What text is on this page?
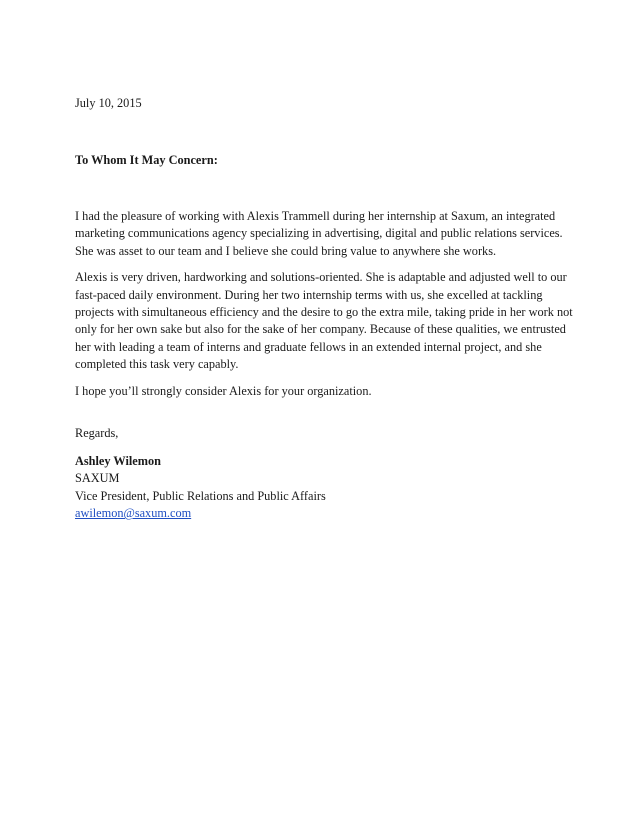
July 10, 2015

To Whom It May Concern:

I had the pleasure of working with Alexis Trammell during her internship at Saxum, an integrated marketing communications agency specializing in advertising, digital and public relations services. She was asset to our team and I believe she could bring value to anywhere she works.

Alexis is very driven, hardworking and solutions-oriented. She is adaptable and adjusted well to our fast-paced daily environment. During her two internship terms with us, she excelled at tackling projects with simultaneous efficiency and the desire to go the extra mile, taking pride in her work not only for her own sake but also for the sake of her company. Because of these qualities, we entrusted her with leading a team of interns and graduate fellows in an extended internal project, and she completed this task very capably.

I hope you’ll strongly consider Alexis for your organization.

Regards,

Ashley Wilemon
SAXUM
Vice President, Public Relations and Public Affairs
awilemon@saxum.com
